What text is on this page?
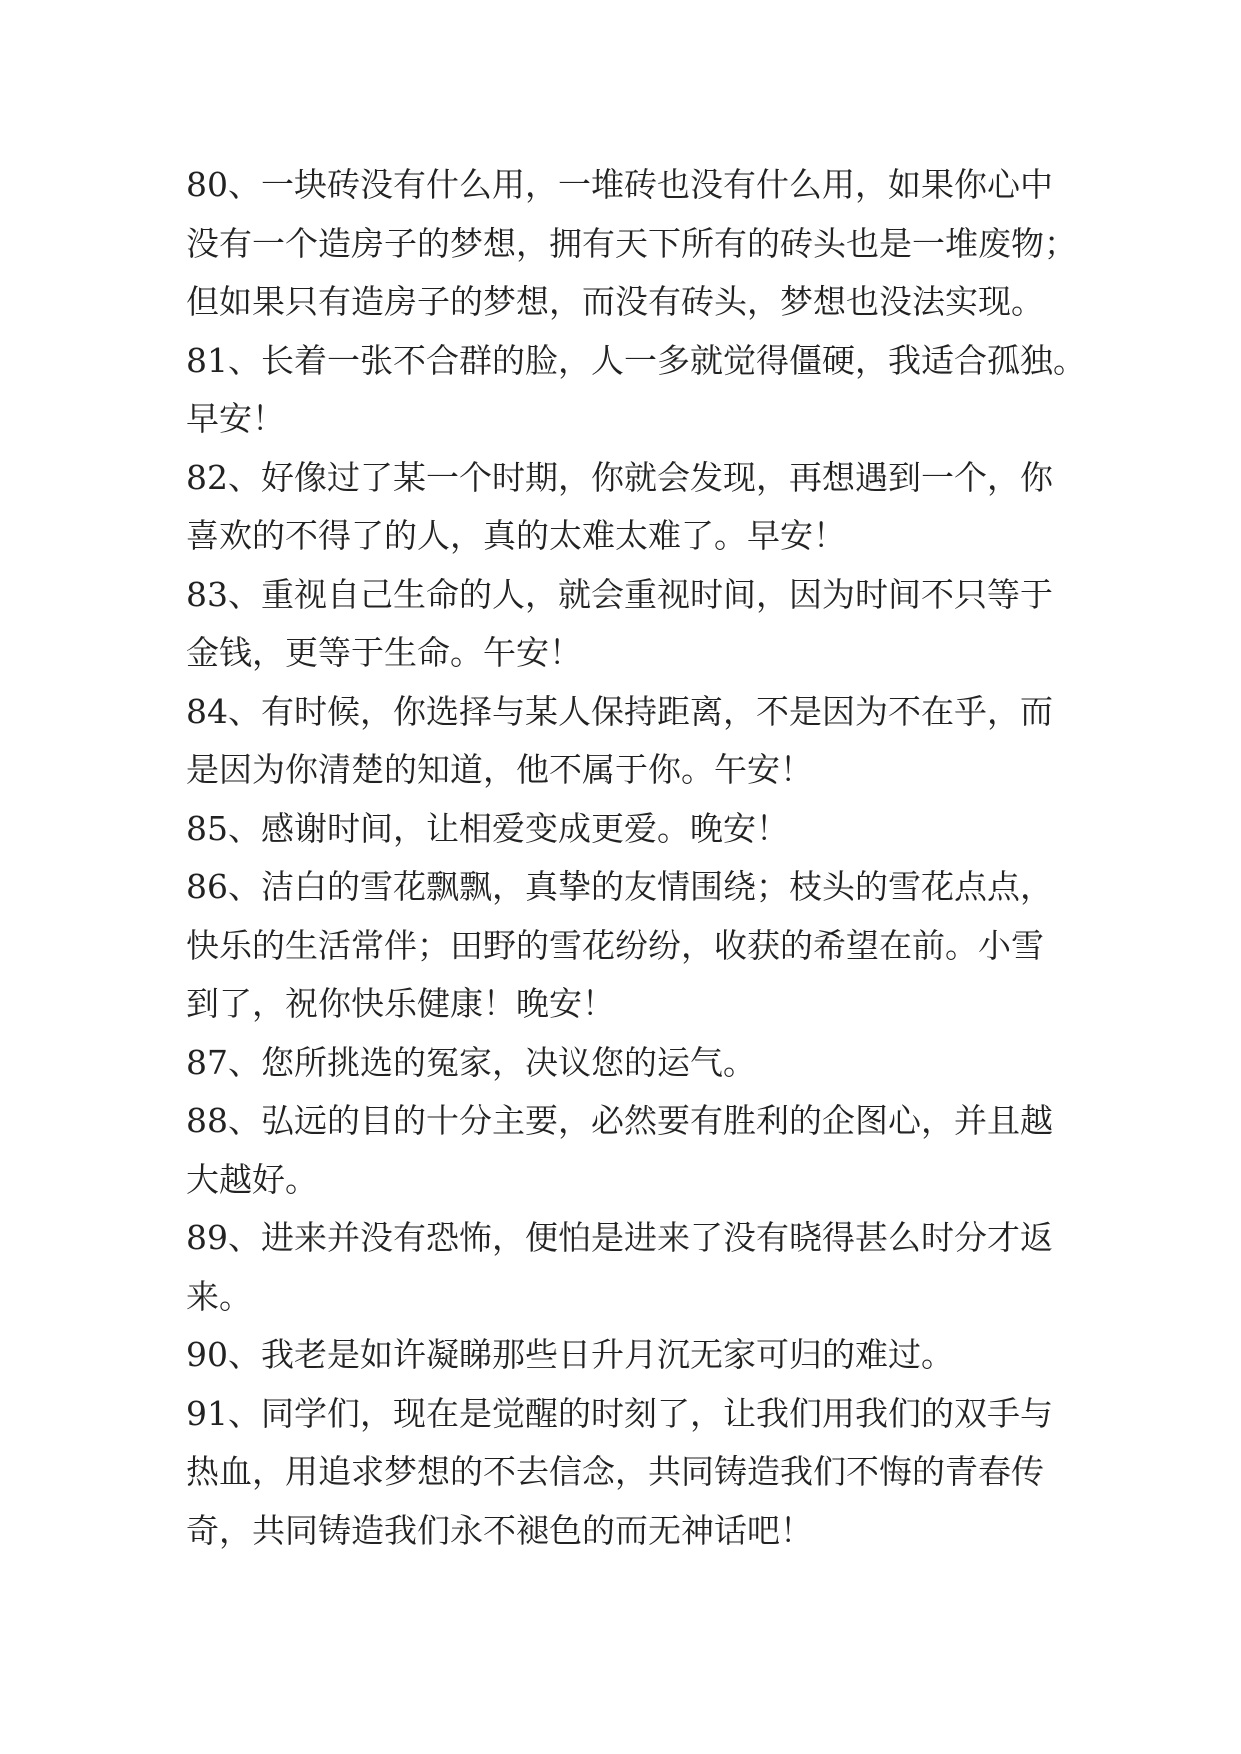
80、一块砖没有什么用，一堆砖也没有什么用，如果你心中
没有一个造房子的梦想，拥有天下所有的砖头也是一堆废物；
但如果只有造房子的梦想，而没有砖头，梦想也没法实现。
81、长着一张不合群的脸，人一多就觉得僵硬，我适合孤独。
早安！
82、好像过了某一个时期，你就会发现，再想遇到一个，你
喜欢的不得了的人，真的太难太难了。早安！
83、重视自己生命的人，就会重视时间，因为时间不只等于
金钱，更等于生命。午安！
84、有时候，你选择与某人保持距离，不是因为不在乎，而
是因为你清楚的知道，他不属于你。午安！
85、感谢时间，让相爱变成更爱。晚安！
86、洁白的雪花飘飘，真挚的友情围绕；枝头的雪花点点，
快乐的生活常伴；田野的雪花纷纷，收获的希望在前。小雪
到了，祝你快乐健康！晚安！
87、您所挑选的冤家，决议您的运气。
88、弘远的目的十分主要，必然要有胜利的企图心，并且越
大越好。
89、进来并没有恐怖，便怕是进来了没有晓得甚么时分才返
来。
90、我老是如许凝睇那些日升月沉无家可归的难过。
91、同学们，现在是觉醒的时刻了，让我们用我们的双手与
热血，用追求梦想的不去信念，共同铸造我们不悔的青春传
奇，共同铸造我们永不褪色的而无神话吧！
